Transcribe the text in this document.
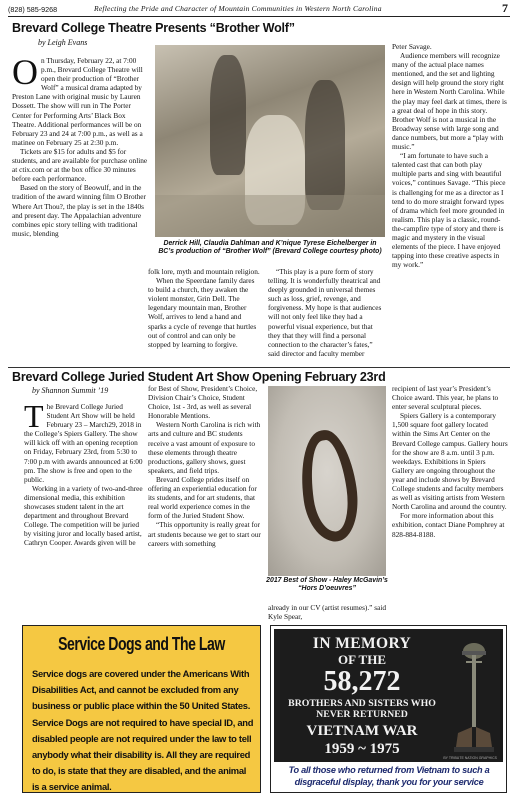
(828) 585-9268	Reflecting the Pride and Character of Mountain Communities in Western North Carolina	7
Brevard College Theatre Presents “Brother Wolf”
by Leigh Evans
O n Thursday, February 22, at 7:00 p.m., Brevard College Theatre will open their production of “Brother Wolf” a musical drama adapted by Preston Lane with original music by Lauren Dossett. The show will run in The Porter Center for Performing Arts’ Black Box Theatre. Additional performances will be on February 23 and 24 at 7:00 p.m., as well as a matinee on February 25 at 2:30 p.m.

Tickets are $15 for adults and $5 for students, and are available for purchase online at ctix.com or at the box office 30 minutes before each performance.

Based on the story of Beowulf, and in the tradition of the award winning film O Brother Where Art Thou?, the play is set in the 1840s and present day. The Appalachian adventure combines epic story telling with traditional music, blending

Derrick Hill, Claudia Dahlman and K’nique Tyrese Eichelberger in BC’s production of “Brother Wolf” (Brevard College courtesy photo)

folk lore, myth and mountain religion.

When the Speerdane family dares to build a church, they awaken the violent monster, Grin Dell. The legendary mountain man, Brother Wolf, arrives to lend a hand and sparks a cycle of revenge that hurtles out of control and can only be stopped by learning to forgive.

“This play is a pure form of story telling. It is wonderfully theatrical and deeply grounded in universal themes such as loss, grief, revenge, and forgiveness. My hope is that audiences will not only feel like they had a powerful visual experience, but that they that they will find a personal connection to the character’s fates,” said director and faculty member

Peter Savage.

Audience members will recognize many of the actual place names mentioned, and the set and lighting design will help ground the story right here in Western North Carolina. While the play may feel dark at times, there is a great deal of hope in this story. Brother Wolf is not a musical in the Broadway sense with large song and dance numbers, but more a “play with music.”

“I am fortunate to have such a talented cast that can both play multiple parts and sing with beautiful voices,” continues Savage. “This piece is challenging for me as a director as I tend to do more straight forward types of drama which feel more grounded in realism. This play is a classic, round-the-campfire type of story and there is magic and mystery in the visual elements of the piece. I have enjoyed tapping into these creative aspects in my work.”

Brevard College Juried Student Art Show Opening February 23rd
by Shannon Summit ’19
T he Brevard College Juried Student Art Show will be held February 23 – March29, 2018 in the College’s Spiers Gallery. The show will kick off with an opening reception on Friday, February 23rd, from 5:30 to 7:00 p.m with awards announced at 6:00 pm. The show is free and open to the public.

Working in a variety of two-and-three dimensional media, this exhibition showcases student talent in the art department and throughout Brevard College. The competition will be juried by visiting juror and locally based artist, Cathryn Cooper. Awards given will be

for Best of Show, President’s Choice, Division Chair’s Choice, Student Choice, 1st - 3rd, as well as several Honorable Mentions.

Western North Carolina is rich with arts and culture and BC students receive a vast amount of exposure to these elements through theatre productions, gallery shows, guest speakers, and field trips.

Brevard College prides itself on offering an experiential education for its students, and for art students, that real world experience comes in the form of the Juried Student Show.

“This opportunity is really great for art students because we get to start our careers with something

2017 Best of Show - Haley McGavin’s “Hors D’oeuvres”

already in our CV (artist resumes).” said Kyle Spear,

recipient of last year’s President’s Choice award. This year, he plans to enter several sculptural pieces.

Spiers Gallery is a contemporary 1,500 square foot gallery located within the Sims Art Center on the Brevard College campus. Gallery hours for the show are 8 a.m. until 3 p.m. weekdays. Exhibitions in Spiers Gallery are ongoing throughout the year and include shows by Brevard College students and faculty members as well as visiting artists from Western North Carolina and around the country.

For more information about this exhibition, contact Diane Pomphrey at 828-884-8188.

Service Dogs and The Law
Service dogs are covered under the Americans With Disabilities Act, and cannot be excluded from any business or public place within the 50 United States. Service Dogs are not required to have special ID, and disabled people are not required under the law to tell anybody what their disability is. All they are required to do, is state that they are disabled, and the animal is a service animal.
IN MEMORY
OF THE
58,272
BROTHERS AND SISTERS WHO NEVER RETURNED
VIETNAM WAR
1959 ~ 1975
BY TRIBUTE NATION GRAPHICS
To all those who returned from Vietnam to such a disgraceful display, thank you for your service
